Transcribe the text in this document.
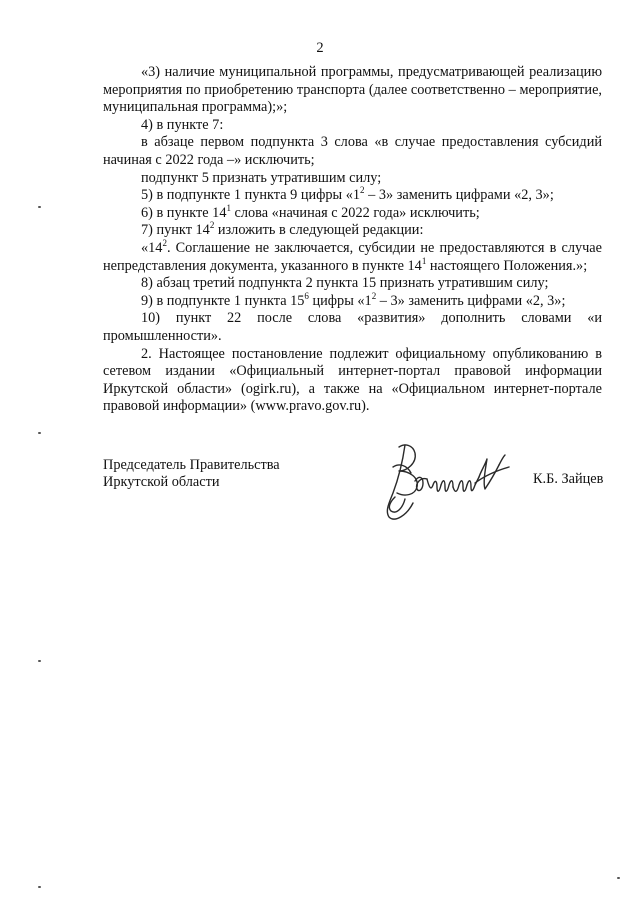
2

«3) наличие муниципальной программы, предусматривающей реализацию мероприятия по приобретению транспорта (далее соответственно – мероприятие, муниципальная программа);»;

4) в пункте 7:

в абзаце первом подпункта 3 слова «в случае предоставления субсидий начиная с 2022 года –» исключить;

подпункт 5 признать утратившим силу;

5) в подпункте 1 пункта 9 цифры «$1^2 - 3$» заменить цифрами «2, 3»;

6) в пункте $14^1$ слова «начиная с 2022 года» исключить;

7) пункт $14^2$ изложить в следующей редакции:

«$14^2$. Соглашение не заключается, субсидии не предоставляются в случае непредставления документа, указанного в пункте $14^1$ настоящего Положения.»;

8) абзац третий подпункта 2 пункта 15 признать утратившим силу;

9) в подпункте 1 пункта $15^6$ цифры «$1^2 - 3$» заменить цифрами «2, 3»;

10) пункт 22 после слова «развития» дополнить словами «и промышленности».

2. Настоящее постановление подлежит официальному опубликованию в сетевом издании «Официальный интернет-портал правовой информации Иркутской области» (ogirk.ru), а также на «Официальном интернет-портале правовой информации» (www.pravo.gov.ru).

Председатель Правительства
Иркутской области	К.Б. Зайцев
